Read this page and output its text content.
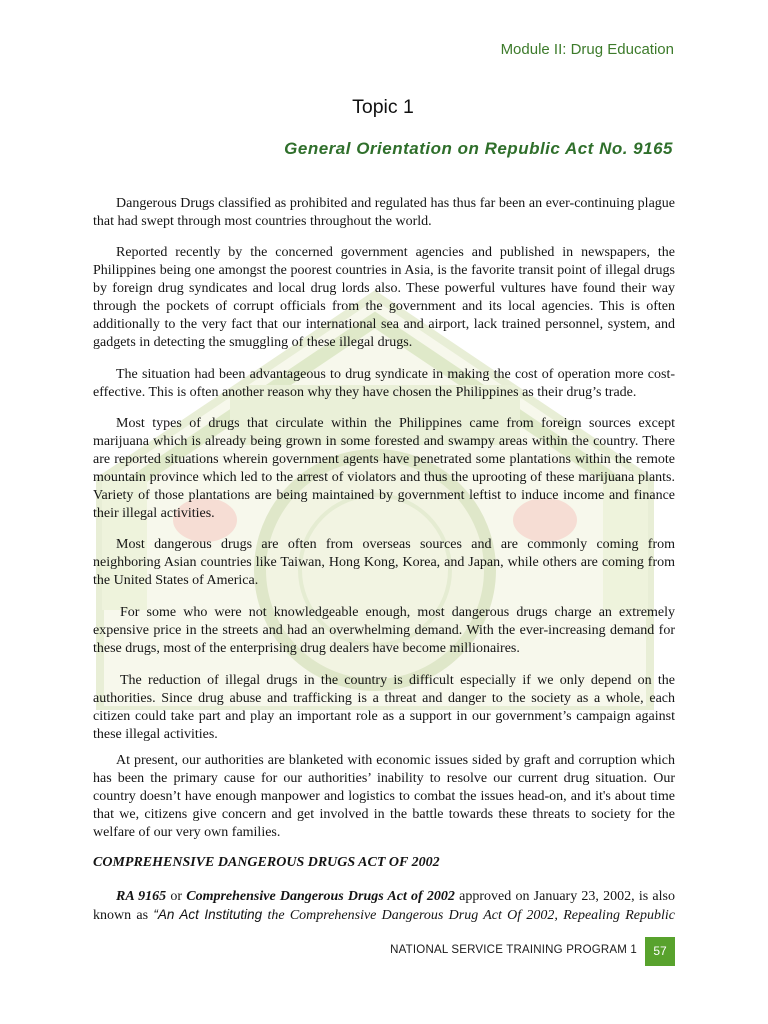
Module II: Drug Education
Topic 1
General Orientation on Republic Act No. 9165

Dangerous Drugs classified as prohibited and regulated has thus far been an ever-continuing plague that had swept through most countries throughout the world.

Reported recently by the concerned government agencies and published in newspapers, the Philippines being one amongst the poorest countries in Asia, is the favorite transit point of illegal drugs by foreign drug syndicates and local drug lords also. These powerful vultures have found their way through the pockets of corrupt officials from the government and its local agencies. This is often additionally to the very fact that our international sea and airport, lack trained personnel, system, and gadgets in detecting the smuggling of these illegal drugs.

The situation had been advantageous to drug syndicate in making the cost of operation more cost-effective. This is often another reason why they have chosen the Philippines as their drug’s trade.

Most types of drugs that circulate within the Philippines came from foreign sources except marijuana which is already being grown in some forested and swampy areas within the country. There are reported situations wherein government agents have penetrated some plantations within the remote mountain province which led to the arrest of violators and thus the uprooting of these marijuana plants. Variety of those plantations are being maintained by government leftist to induce income and finance their illegal activities.

Most dangerous drugs are often from overseas sources and are commonly coming from neighboring Asian countries like Taiwan, Hong Kong, Korea, and Japan, while others are coming from the United States of America.

For some who were not knowledgeable enough, most dangerous drugs charge an extremely expensive price in the streets and had an overwhelming demand. With the ever-increasing demand for these drugs, most of the enterprising drug dealers have become millionaires.

The reduction of illegal drugs in the country is difficult especially if we only depend on the authorities. Since drug abuse and trafficking is a threat and danger to the society as a whole, each citizen could take part and play an important role as a support in our government’s campaign against these illegal activities.

At present, our authorities are blanketed with economic issues sided by graft and corruption which has been the primary cause for our authorities’ inability to resolve our current drug situation. Our country doesn’t have enough manpower and logistics to combat the issues head-on, and it's about time that we, citizens give concern and get involved in the battle towards these threats to society for the welfare of our very own families.

COMPREHENSIVE DANGEROUS DRUGS ACT OF 2002

RA 9165 or Comprehensive Dangerous Drugs Act of 2002 approved on January 23, 2002, is also known as “An Act Instituting the Comprehensive Dangerous Drug Act Of 2002, Repealing Republic

NATIONAL SERVICE TRAINING PROGRAM 1	57
